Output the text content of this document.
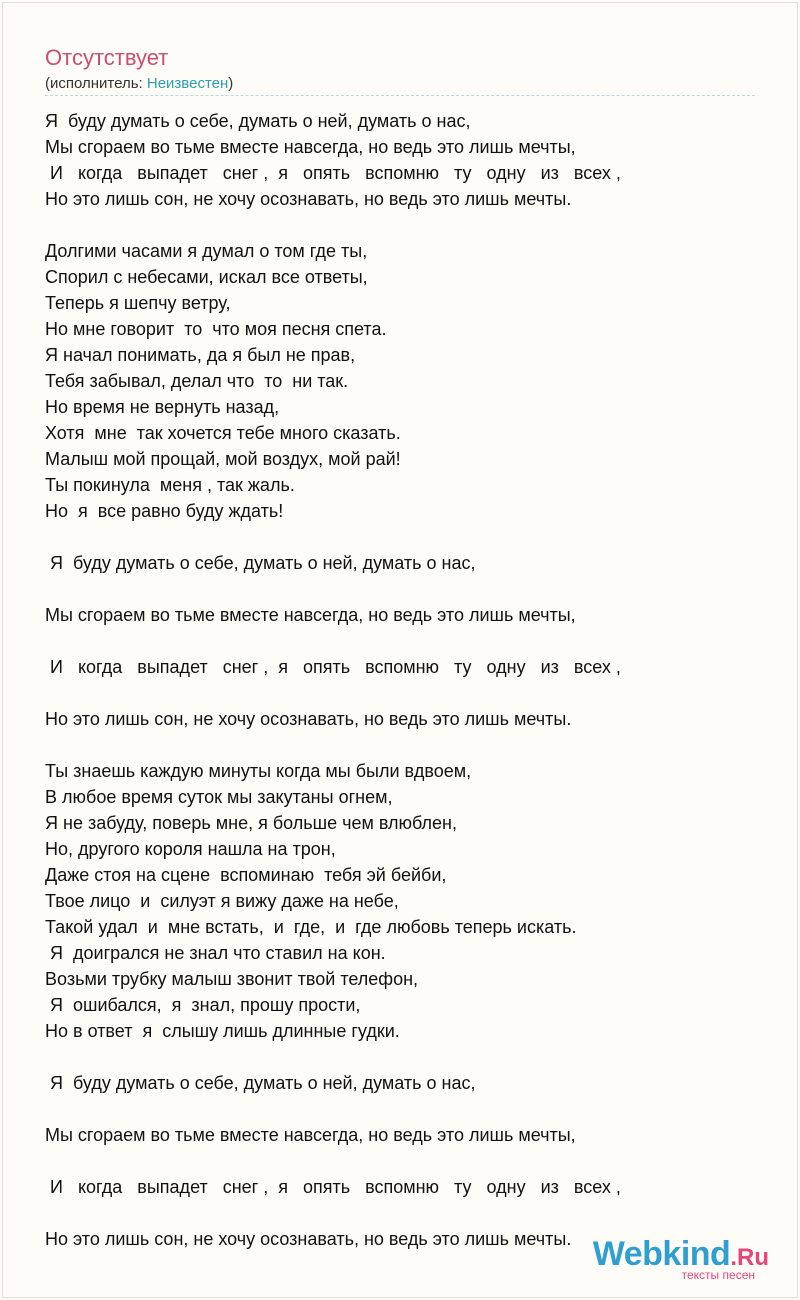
Отсутствует
(исполнитель: Неизвестен)
Я  буду думать о себе, думать о ней, думать о нас,
Мы сгораем во тьме вместе навсегда, но ведь это лишь мечты,
И   когда   выпадет   снег ,  я   опять   вспомню   ту   одну   из   всех ,
Но это лишь сон, не хочу осознавать, но ведь это лишь мечты.
Долгими часами я думал о том где ты,
Спорил с небесами, искал все ответы,
Теперь я шепчу ветру,
Но мне говорит  то  что моя песня спета.
Я начал понимать, да я был не прав,
Тебя забывал, делал что  то  ни так.
Но время не вернуть назад,
Хотя  мне  так хочется тебе много сказать.
Малыш мой прощай, мой воздух, мой рай!
Ты покинула  меня , так жаль.
Но  я  все равно буду ждать!
Я  буду думать о себе, думать о ней, думать о нас,
Мы сгораем во тьме вместе навсегда, но ведь это лишь мечты,
И   когда   выпадет   снег ,  я   опять   вспомню   ту   одну   из   всех ,
Но это лишь сон, не хочу осознавать, но ведь это лишь мечты.
Ты знаешь каждую минуты когда мы были вдвоем,
В любое время суток мы закутаны огнем,
Я не забуду, поверь мне, я больше чем влюблен,
Но, другого короля нашла на трон,
Даже стоя на сцене  вспоминаю  тебя эй бейби,
Твое лицо  и  силуэт я вижу даже на небе,
Такой удал  и  мне встать,  и  где,  и  где любовь теперь искать.
Я  доигрался не знал что ставил на кон.
Возьми трубку малыш звонит твой телефон,
Я  ошибался,  я  знал, прошу прости,
Но в ответ  я  слышу лишь длинные гудки.
Я  буду думать о себе, думать о ней, думать о нас,
Мы сгораем во тьме вместе навсегда, но ведь это лишь мечты,
И   когда   выпадет   снег ,  я   опять   вспомню   ту   одну   из   всех ,
Но это лишь сон, не хочу осознавать, но ведь это лишь мечты. Webkind.Ru
тексты песен
